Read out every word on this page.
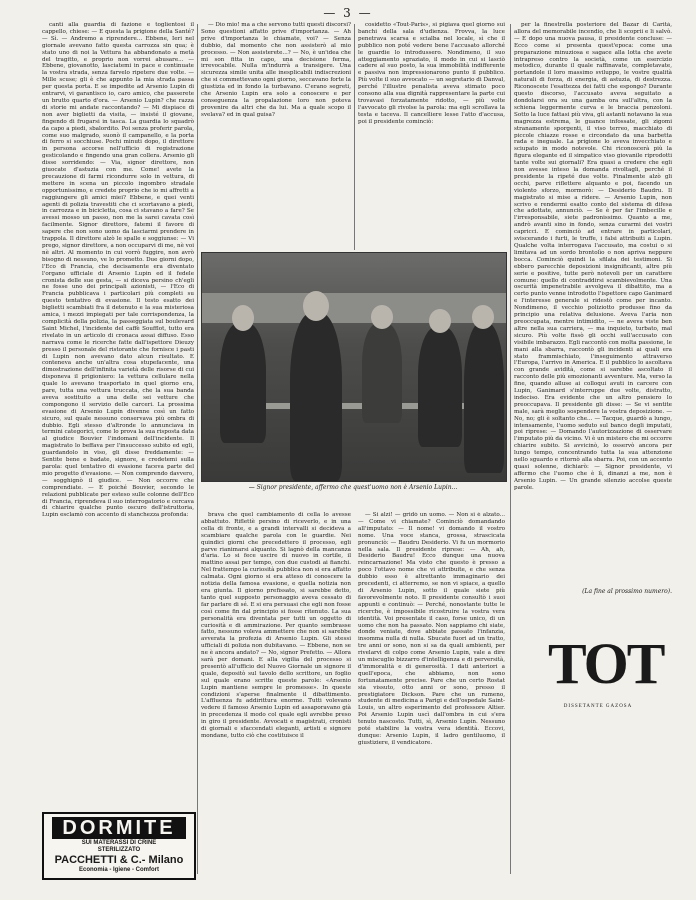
— 3 —

canti alla guardia di fazione e toglientosi il cappello, chiese: — E questa la prigione della Santé? — Sì. — Andremo a riprendere... Ebbene, Ieri nel giornale avevano fatto questa carrozza sin qua; è stato uno di noi la Vettura ha abbandonato a metà del tragitto, e proprio non vorrei abusare... — Ebbene, giovanotto, lasciatemi in pace e continuate la vostra strada, senza farvelo ripetere due volte. — Mille scuse; gli è che appunto la mia strada passa per questa porta. E se impedite ad Arsenio Lupin di entrarvi, vi garantisco io, caro amico, che passerete un brutto quarto d'ora. — Arsenio Lupin? che razza di storie mi andate raccontando? — Mi dispiace di non aver biglietti da visita, — insisté il giovane, fingendo di frugarsi in tasca. La guardia lo squadrò da capo a piedi, sbalordito. Poi senza proferir parola, come suo malgrado, suonò il campanello, e la porta di ferro si socchiuse. Pochi minuti dopo, il direttore in persona accorse nell'ufficio di registrazione gesticolando e fingendo una gran collera. Arsenio gli disse sorridendo: — Via, signor direttore, non giuocate d'astuzia con me. Come! avete la precauzione di farmi ricondurre solo in vettura, di mettere in scena un piccolo ingombro stradale opportunissimo, e credete proprio che io mi affretti a raggiungere gli amici miei? Ebbene, e quei venti agenti di polizia travestiti che ci scortavano a piedi, in carrozza e in bicicletta, cosa ci stavano a fare? Se avessi mosso un passo, non me la sarei cavata così facilmente. Signor direttore, fatemi il favore di sapere che non sono uomo da lasciarmi prendere in trappola. Il direttore alzò le spalle e soggiunse: — Vi prego, signor direttore, a non occuparvi di me, nè voi nè altri. Al momento in cui vorrò fuggire, non avrò bisogno di nessuno, ve lo prometto. Due giorni dopo, l'Eco di Francia, che decisamente era diventato l'organo ufficiale di Arsenio Lupin ed il fedele cronista delle sue gesta, — si diceva persino ch'egli ne fosse uno dei principali azionisti, — l'Eco di Francia pubblicava i particolari più completi su questo tentativo di evasione. Il testo esatto dei biglietti scambiati fra il detenuto e la sua misteriosa amica, i mezzi impiegati per tale corrispondenza, la complicità della polizia, la passeggiata sul boulevard Saint Michel, l'incidente del caffè Soufflot, tutto era rivelato in un articolo di cronaca assai diffuso. Esso narrava come le ricerche fatte dall'ispettore Dieuzy presso il personale del ristorante che fornisce i pasti di Lupin non avevano dato alcun risultato. E conteneva anche un'altra cosa stupefacente, una dimostrazione dell'infinita varietà delle risorse di cui disponeva il prigioniero: la vettura cellulare nella quale lo avevano trasportato in quel giorno era, pare, tutta una vettura truccata, che la sua banda aveva sostituito a una delle sei vetture che compongono il servizio delle carceri. La prossima evasione di Arsenio Lupin divenne così un fatto sicuro, sul quale nessuno conservava più ombra di dubbio. Egli stesso d'altronde lo annunciava in termini categorici, come lo prova la sua risposta data al giudice Bouvier l'indomani dell'incidente. Il magistrato lo beffava per l'insuccesso subito ed egli, guardandolo in viso, gli disse freddamente: — Sentite bene e badate, signore, e credetemi sulla parola: quel tentativo di evasione faceva parte del mio progetto d'evasione. — Non comprendo davvero, — sogghignò il giudice. — Non occorre che comprendiate. — E poiché Bouvier, secondo le relazioni pubblicate per esteso sulle colonne dell'Eco di Francia, riprendeva il suo interrogatorio e cercava di chiarire qualche punto oscuro dell'istruttoria, Lupin esclamò con accento di stanchezza profonda:

— Dio mio! ma a che servono tutti questi discorsi? Sono questioni affatto prive d'importanza. — Ah prive d'importanza le chiamate, voi? — Senza dubbio, dal momento che non assisterò al mio processo. — Non assisterete...? — No, è un'idea che mi son fitta in capo, una decisione ferma, irrevocabile. Nulla m'indurrà a transigere. Una sicurezza simile unita alle inesplicabili indiscrezioni che si commettevano ogni giorno, seccavano forte la giustizia ed in fondo la turbavano. C'erano segreti, che Arsenio Lupin era solo a conoscere e per conseguenza la propalazione loro non poteva provenire da altri che da lui. Ma a quale scopo il svelava? ed in qual guisa?

cosidetto «Tout-Paris», si pigiava quel giorno sui banchi della sala d'udienza. Frovva, la luce penetrava scarsa e scialba nel locale, sì che il pubblico non poté vedere bene l'accusato allorché le guardie lo introdussero. Nondimeno, il suo atteggiamento sgraziato, il modo in cui si lasciò cadere al suo posto, la sua immobilità indifferente e passiva non impressionarono punto il pubblico. Più volte il suo avvocato — un segretario di Danval, perché l'illustre penalista aveva stimato poco consono alla sua dignità rappresentare la parte cui trovavasi forzatamente ridotto, — più volte l'avvocato gli rivolse la parola: ma egli scrollava la testa e taceva. Il cancelliere lesse l'atto d'accusa, poi il presidente cominciò:

— Signor presidente, affermo che quest'uomo non è Arsenio Lupin...

brava che quel cambiamento di cella lo avesse abbattuto. Riflettè persino di riceverlo, e in una cella di fronte, e a grandi intervalli si decideva a scambiare qualche parola con le guardie. Nei quindici giorni che precedettero il processo, egli parve rianimarsi alquanto. Si lagnò della mancanza d'aria. Lo si fece uscire di nuovo in cortile, il mattino assai per tempo, con due custodi ai fianchi. Nel frattempo la curiosità pubblica non si era affatto calmata. Ogni giorno si era atteso di conoscere la notizia della famosa evasione, e quella notizia non era giunta. Il giorno prefissato, si sarebbe detto, tanto quel supposto personaggio aveva cessato di far parlare di sé. E si era persuasi che egli non fosse così come fin dal principio si fosse ritenuto. La sua personalità era diventata per tutti un oggetto di curiosità e di ammirazione. Per quanto sembrasse fatto, nessuno voleva ammettere che non si sarebbe avverata la profezia di Arsenio Lupin. Gli stessi ufficiali di polizia non dubitavano. — Ebbene, non se ne è ancora andato? — No, signor Prefetto. — Allora sarà per domani. E alla vigilia del processo si presentò all'ufficio del Nuovo Giornale un signore il quale, depositò sul tavolo dello scrittore, un foglio sul quale erano scritte queste parole: «Arsenio Lupin mantiene sempre le promesse». In queste condizioni s'aperse finalmente il dibattimento. L'affluenza fu addirittura enorme. Tutti volevano vedere il famoso Arsenio Lupin ed assaporavano già in precedenza il modo col quale egli avrebbe preso in giro il presidente. Avvocati e magistrati, cronisti di giornali e sfaccendati eleganti, artisti e signore mondane, tutto ciò che costituisce il

— Si alzi! — gridò un uomo. — Non si è alzato... — Come vi chiamate? Cominciò domandando all'imputato: — Il nome! vi domando il vostro nome. Una voce stanca, grossa, strascicata pronunciò: — Baudru Desiderio. Vi fu un mormorio nella sala. Il presidente riprese: — Ah, ah, Desiderio Baudru! Ecco dunque una nuova reincarnazione! Ma visto che questo è presso a poco l'ottavo nome che vi attribuite, e che senza dubbio esso è altrettanto immaginario dei precedenti, ci atterremo, se non vi spiace, a quello di Arsenio Lupin, sotto il quale siete più favorevolmente noto. Il presidente consultò i suoi appunti e continuò: — Perché, nonostante tutte le ricerche, è impossibile ricostruire la vostra vera identità. Voi presentate il caso, forse unico, di un uomo che non ha passato. Non sappiamo chi siate, donde veniate, dove abbiate passato l'infanzia, insomma nulla di nulla. Sbucate fuori ad un tratto, tre anni or sono, non si sa da quali ambienti, per rivelarvi di colpo come Arsenio Lupin, vale a dire un miscuglio bizzarro d'intelligenza e di perversità, d'immoralità e di generosità. I dati anteriori a quell'epoca, che abbiamo, non sono fortunatamente precise. Pare che un certo Rostat sia vissuto, otto anni or sono, presso il prestigiatore Dickson. Pare che un rumeno, studente di medicina a Parigi e dell'ospedale Saint-Louis, un altro esperimento del professore Altier. Poi Arsenio Lupin uscì dall'ombra in cui s'era tenuto nascosto. Tutti, sì, Arsenio Lupin. Nessuno poté stabilire la vostra vera identità. Eccovi, dunque: Arsenio Lupin, il ladro gentiluomo, il giustiziere, il vendicatore.

per la finestrella posteriore del Bazar di Carità, allora del memorabile incendio, che li scoprii e li salvò. — E dopo una nuova pausa, il presidente concluse: — Ecco come si presenta quest'epoca: come una preparazione minuziosa e sagace alla lotta che avete intrapreso contro la società, come un esercizio metodico, durante il quale raffinavate, completavate, portandole il loro massimo sviluppo, le vostre qualità naturali di forza, di energia, di astuzia, di destrezza. Riconoscete l'esattezza dei fatti che espongo? Durante questo discorso, l'accusato aveva seguitato a dondolarsi ora su una gamba ora sull'altra, con la schiena leggermente curva e le braccia penzoloni. Sotto la luce fattasi più viva, gli astanti notavano la sua magrezza estrema, le guance infossate, gli zigomi stranamente sporgenti, il viso terreo, macchiato di piccole chiazze rosse e circondato da una barbetta rada e ineguale. La prigione lo aveva invecchiato e sciupato in modo notevole. Chi riconoscerà più la figura elegante ed il simpatico viso giovanile riprodotti tante volte sui giornali? Era quasi a credere che egli non avesse inteso la domanda rivoltagli, perché il presidente la ripeté due volte. Finalmente alzò gli occhi, parve riflettere alquanto e poi, facendo un violento sforzo, mormorò: — Desiderio Baudru. Il magistrato si mise a ridere. — Arsenio Lupin, non scrivo e rendermi esatto conto del sistema di difesa che adottate, annunciò. — Se è per far l'imbecille e l'irresponsabile, siete padronissimo. Quanto a me, andrò avanti sino in fondo, senza curarmi dei vostri capricci. E cominciò ad entrare in particolari, sviscerando i furti, le truffe, i falsi attribuiti a Lupin. Qualche volta interrogava l'accusato, ma costui o si limitava ad un sordo brontolìo o non apriva neppure bocca. Cominciò quindi la sfilata dei testimoni. Si ebbero parecchie deposizioni insignificanti, altre più serie e positive, tutte però notevoli per un carattere comune: quello di contraddirsi scambievolmente. Una oscurità impenetrabile avvolgeva il dibattito, ma a certo punto venne introdotto l'ispettore capo Ganimard e l'interesse generale si ridestò come per incanto. Nondimeno, il vecchio poliziotto produsse fino da principio una relativa delusione. Aveva l'aria non preoccupata, mentre intimidito, — ne aveva viste ben altre nella sua carriera, — ma inquieto, turbato, mal sicuro. Più volte fissò gli occhi sull'accusato con visibile imbarazzo. Egli raccontò con molta passione, le mani alla sbarra, raccontò gli incidenti ai quali era stato frammischiato, l'inseguimento attraverso l'Europa, l'arrivo in America. E il pubblico lo ascoltava con grande avidità, come si sarebbe ascoltato il racconto delle più emozionanti avventure. Ma, verso la fine, quando alluse ai colloqui avuti in carcere con Lupin, Ganimard s'interruppe due volte, distratto, indeciso. Era evidente che un altro pensiero lo preoccupava. Il presidente gli disse: — Se vi sentite male, sarà meglio sospendere la vostra deposizione. — No, no; gli è soltanto che... — Tacque, guardò a lungo, intensamente, l'uomo seduto sul banco degli imputati, poi riprese: — Domando l'autorizzazione di osservare l'imputato più da vicino. Vi è un mistero che mi occorre chiarire subito. Si avvicinò, lo osservò ancora per lungo tempo, concentrando tutta la sua attenzione nello sguardo e ritornò alla sbarra. Poi, con un accento quasi solenne, dichiarò: — Signor presidente, vi affermo che l'uomo che è lì, dinanzi a me, non è Arsenio Lupin. — Un grande silenzio accolse queste parole.

(La fine al prossimo numero).
DORMITE
SUI MATERASSI DI CRINE
STERILIZZATO
PACCHETTI & C.- Milano
Economia - Igiene - Comfort
TOT
DISSETANTE GAZOSA
